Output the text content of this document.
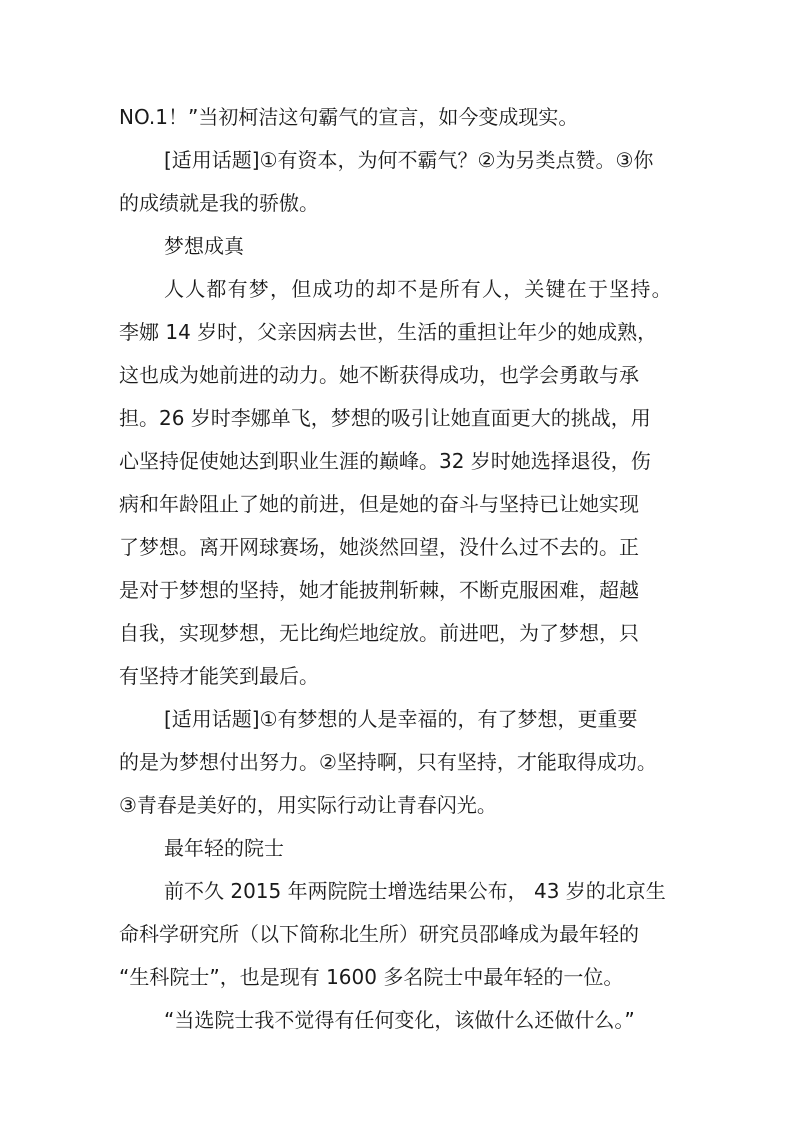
NO.1！”当初柯洁这句霸气的宣言，如今变成现实。
[适用话题]①有资本，为何不霸气？②为另类点赞。③你
的成绩就是我的骄傲。
梦想成真
人人都有梦，但成功的却不是所有人，关键在于坚持。
李娜 14 岁时，父亲因病去世，生活的重担让年少的她成熟，
这也成为她前进的动力。她不断获得成功，也学会勇敢与承
担。26 岁时李娜单飞，梦想的吸引让她直面更大的挑战，用
心坚持促使她达到职业生涯的巅峰。32 岁时她选择退役，伤
病和年龄阻止了她的前进，但是她的奋斗与坚持已让她实现
了梦想。离开网球赛场，她淡然回望，没什么过不去的。正
是对于梦想的坚持，她才能披荆斩棘，不断克服困难，超越
自我，实现梦想，无比绚烂地绽放。前进吧，为了梦想，只
有坚持才能笑到最后。
[适用话题]①有梦想的人是幸福的，有了梦想，更重要
的是为梦想付出努力。②坚持啊，只有坚持，才能取得成功。
③青春是美好的，用实际行动让青春闪光。
最年轻的院士
前不久 2015 年两院院士增选结果公布， 43 岁的北京生
命科学研究所（以下简称北生所）研究员邵峰成为最年轻的
“生科院士”，也是现有 1600 多名院士中最年轻的一位。
“当选院士我不觉得有任何变化，该做什么还做什么。”
